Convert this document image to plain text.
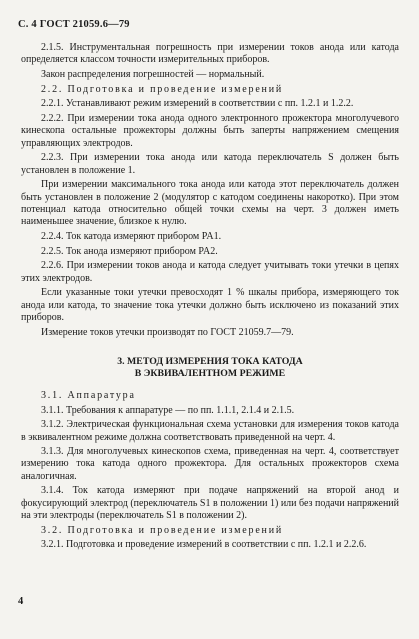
С. 4 ГОСТ 21059.6—79

2.1.5. Инструментальная погрешность при измерении токов анода или катода определяется классом точности измерительных приборов.

Закон распределения погрешностей — нормальный.

2.2. Подготовка и проведение измерений

2.2.1. Устанавливают режим измерений в соответствии с пп. 1.2.1 и 1.2.2.

2.2.2. При измерении тока анода одного электронного прожектора многолучевого кинескопа остальные прожекторы должны быть заперты напряжением смещения управляющих электродов.

2.2.3. При измерении тока анода или катода переключатель S должен быть установлен в положение 1.

При измерении максимального тока анода или катода этот переключатель должен быть установлен в положение 2 (модулятор с катодом соединены накоротко). При этом потенциал катода относительно общей точки схемы на черт. 3 должен иметь наименьшее значение, близкое к нулю.

2.2.4. Ток катода измеряют прибором PA1.

2.2.5. Ток анода измеряют прибором PA2.

2.2.6. При измерении токов анода и катода следует учитывать токи утечки в цепях этих электродов.

Если указанные токи утечки превосходят 1 % шкалы прибора, измеряющего ток анода или катода, то значение тока утечки должно быть исключено из показаний этих приборов.

Измерение токов утечки производят по ГОСТ 21059.7—79.

3. МЕТОД ИЗМЕРЕНИЯ ТОКА КАТОДА
В ЭКВИВАЛЕНТНОМ РЕЖИМЕ

3.1. Аппаратура

3.1.1. Требования к аппаратуре — по пп. 1.1.1, 2.1.4 и 2.1.5.

3.1.2. Электрическая функциональная схема установки для измерения токов катода в эквивалентном режиме должна соответствовать приведенной на черт. 4.

3.1.3. Для многолучевых кинескопов схема, приведенная на черт. 4, соответствует измерению тока катода одного прожектора. Для остальных прожекторов схема аналогичная.

3.1.4. Ток катода измеряют при подаче напряжений на второй анод и фокусирующий электрод (переключатель S1 в положении 1) или без подачи напряжений на эти электроды (переключатель S1 в положении 2).

3.2. Подготовка и проведение измерений

3.2.1. Подготовка и проведение измерений в соответствии с пп. 1.2.1 и 2.2.6.

4
